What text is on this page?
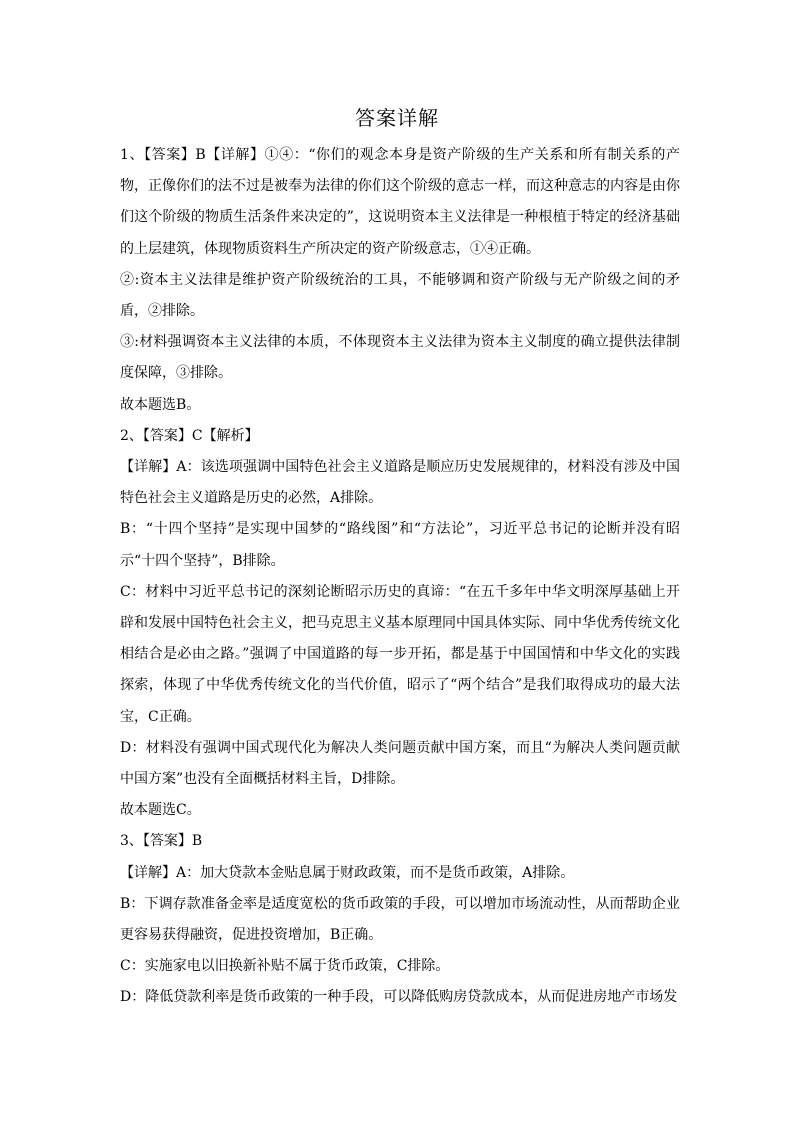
答案详解

1、【答案】B【详解】①④：“你们的观念本身是资产阶级的生产关系和所有制关系的产物，正像你们的法不过是被奉为法律的你们这个阶级的意志一样，而这种意志的内容是由你们这个阶级的物质生活条件来决定的”，这说明资本主义法律是一种根植于特定的经济基础的上层建筑，体现物质资料生产所决定的资产阶级意志，①④正确。

②:资本主义法律是维护资产阶级统治的工具，不能够调和资产阶级与无产阶级之间的矛盾，②排除。

③:材料强调资本主义法律的本质，不体现资本主义法律为资本主义制度的确立提供法律制度保障，③排除。

故本题选B。

2、【答案】C【解析】

【详解】A：该选项强调中国特色社会主义道路是顺应历史发展规律的，材料没有涉及中国特色社会主义道路是历史的必然，A排除。

B：“十四个坚持”是实现中国梦的“路线图”和“方法论”，习近平总书记的论断并没有昭示“十四个坚持”，B排除。

C：材料中习近平总书记的深刻论断昭示历史的真谛：“在五千多年中华文明深厚基础上开辟和发展中国特色社会主义，把马克思主义基本原理同中国具体实际、同中华优秀传统文化相结合是必由之路。”强调了中国道路的每一步开拓，都是基于中国国情和中华文化的实践探索，体现了中华优秀传统文化的当代价值，昭示了“两个结合”是我们取得成功的最大法宝，C正确。

D：材料没有强调中国式现代化为解决人类问题贡献中国方案，而且“为解决人类问题贡献中国方案”也没有全面概括材料主旨，D排除。

故本题选C。

3、【答案】B

【详解】A：加大贷款本金贴息属于财政政策，而不是货币政策，A排除。

B：下调存款准备金率是适度宽松的货币政策的手段，可以增加市场流动性，从而帮助企业更容易获得融资，促进投资增加，B正确。

C：实施家电以旧换新补贴不属于货币政策，C排除。

D：降低贷款利率是货币政策的一种手段，可以降低购房贷款成本，从而促进房地产市场发
